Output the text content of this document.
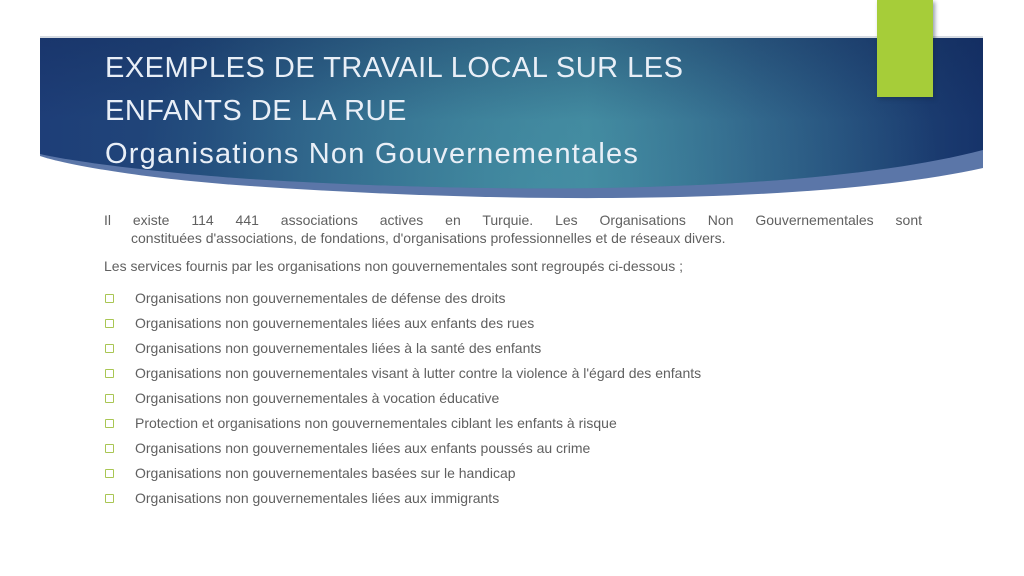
EXEMPLES DE TRAVAIL LOCAL SUR LES
ENFANTS DE LA RUE
Organisations Non Gouvernementales
Il existe 114 441 associations actives en Turquie. Les Organisations Non Gouvernementales sont
constituées d'associations, de fondations, d'organisations professionnelles et de réseaux divers.
Les services fournis par les organisations non gouvernementales sont regroupés ci-dessous ;
Organisations non gouvernementales de défense des droits
Organisations non gouvernementales liées aux enfants des rues
Organisations non gouvernementales liées à la santé des enfants
Organisations non gouvernementales visant à lutter contre la violence à l'égard des enfants
Organisations non gouvernementales à vocation éducative
Protection et organisations non gouvernementales ciblant les enfants à risque
Organisations non gouvernementales liées aux enfants poussés au crime
Organisations non gouvernementales basées sur le handicap
Organisations non gouvernementales liées aux immigrants
